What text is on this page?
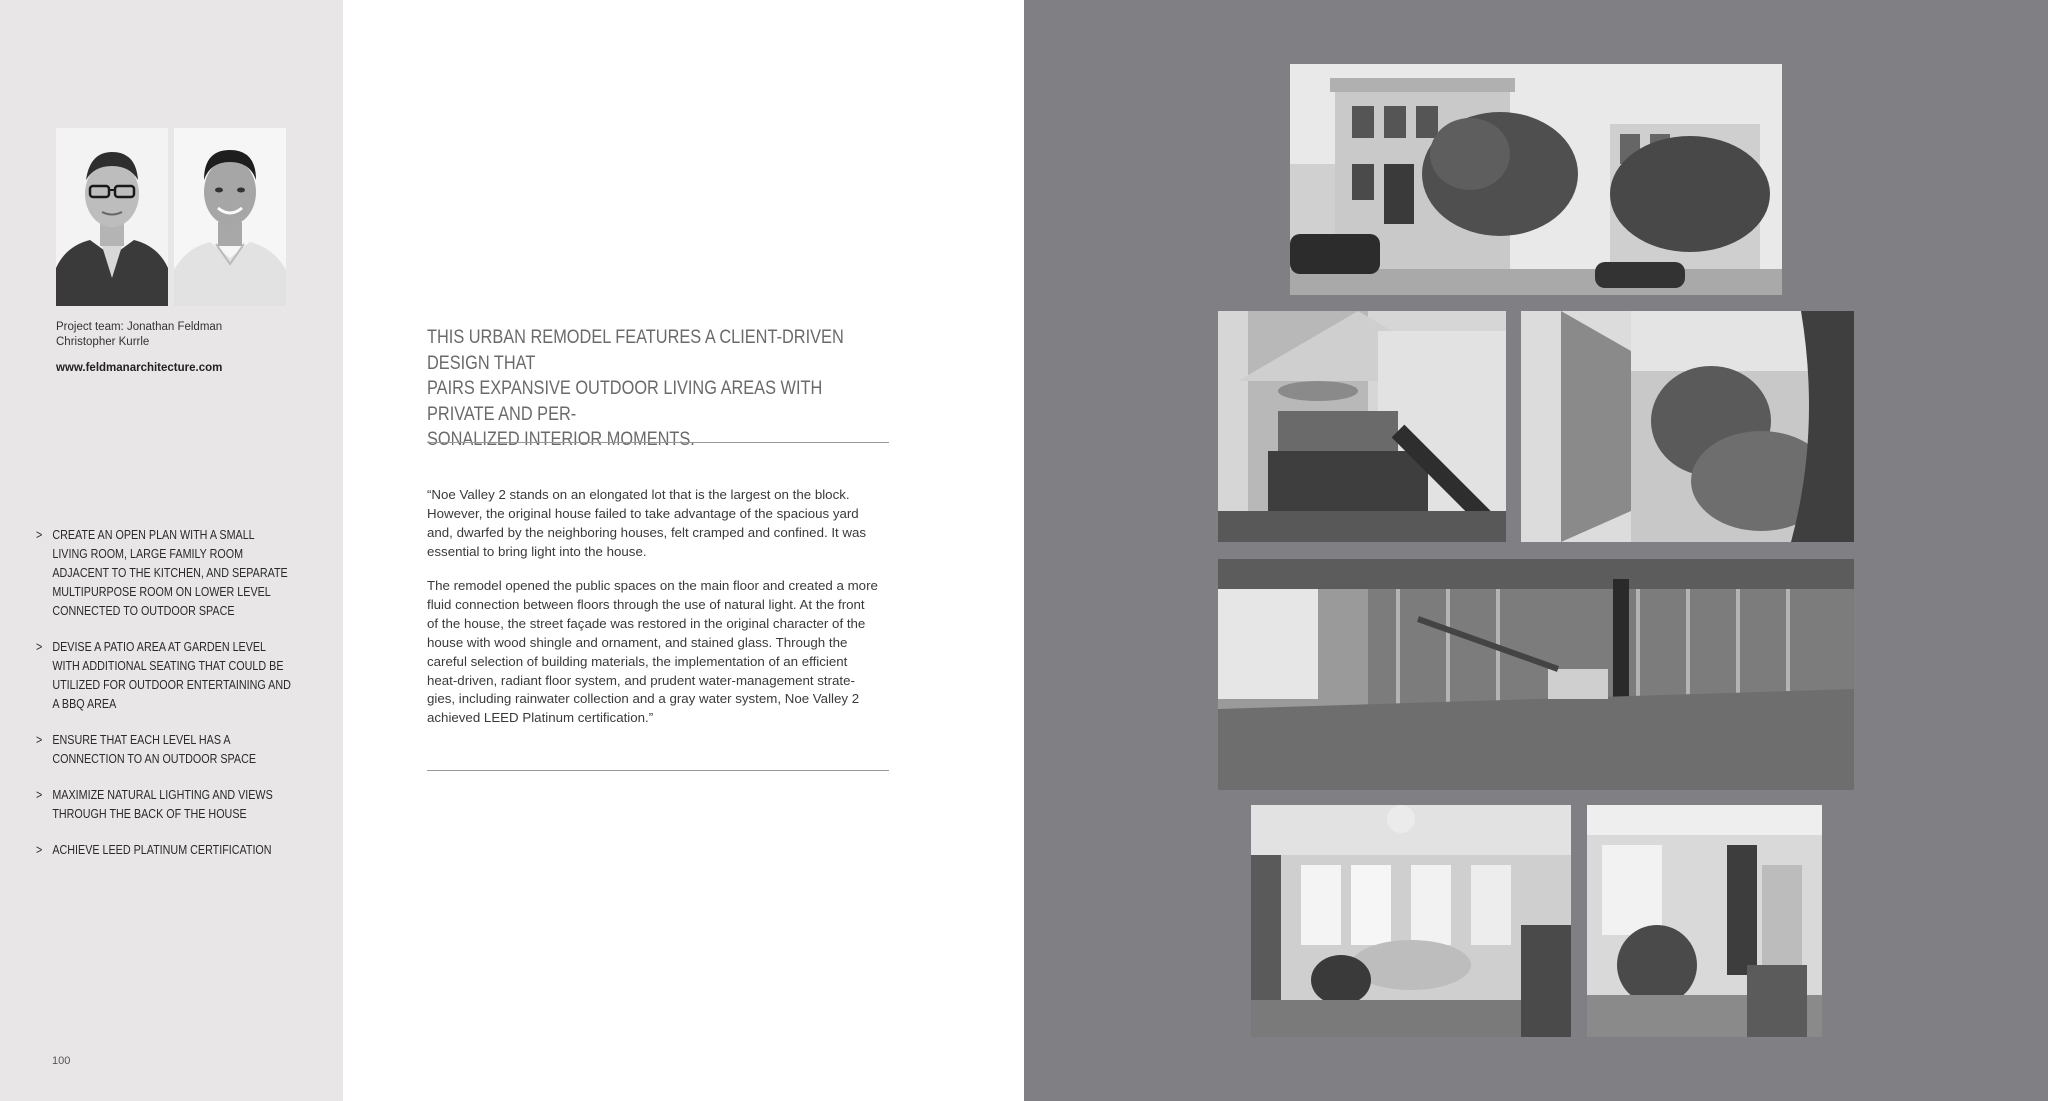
Project team: Jonathan Feldman
Christopher Kurrle
www.feldmanarchitecture.com
> CREATE AN OPEN PLAN WITH A SMALL
LIVING ROOM, LARGE FAMILY ROOM
ADJACENT TO THE KITCHEN, AND SEPARATE
MULTIPURPOSE ROOM ON LOWER LEVEL
CONNECTED TO OUTDOOR SPACE
> DEVISE A PATIO AREA AT GARDEN LEVEL
WITH ADDITIONAL SEATING THAT COULD BE
UTILIZED FOR OUTDOOR ENTERTAINING AND
A BBQ AREA
> ENSURE THAT EACH LEVEL HAS A
CONNECTION TO AN OUTDOOR SPACE
> MAXIMIZE NATURAL LIGHTING AND VIEWS
THROUGH THE BACK OF THE HOUSE
> ACHIEVE LEED PLATINUM CERTIFICATION
100
THIS URBAN REMODEL FEATURES A CLIENT-DRIVEN DESIGN THAT
PAIRS EXPANSIVE OUTDOOR LIVING AREAS WITH PRIVATE AND PER-
SONALIZED INTERIOR MOMENTS.
“Noe Valley 2 stands on an elongated lot that is the largest on the block.
However, the original house failed to take advantage of the spacious yard
and, dwarfed by the neighboring houses, felt cramped and confined. It was
essential to bring light into the house.
The remodel opened the public spaces on the main floor and created a more
fluid connection between floors through the use of natural light. At the front
of the house, the street façade was restored in the original character of the
house with wood shingle and ornament, and stained glass. Through the
careful selection of building materials, the implementation of an efficient
heat-driven, radiant floor system, and prudent water-management strate-
gies, including rainwater collection and a gray water system, Noe Valley 2
achieved LEED Platinum certification.”
